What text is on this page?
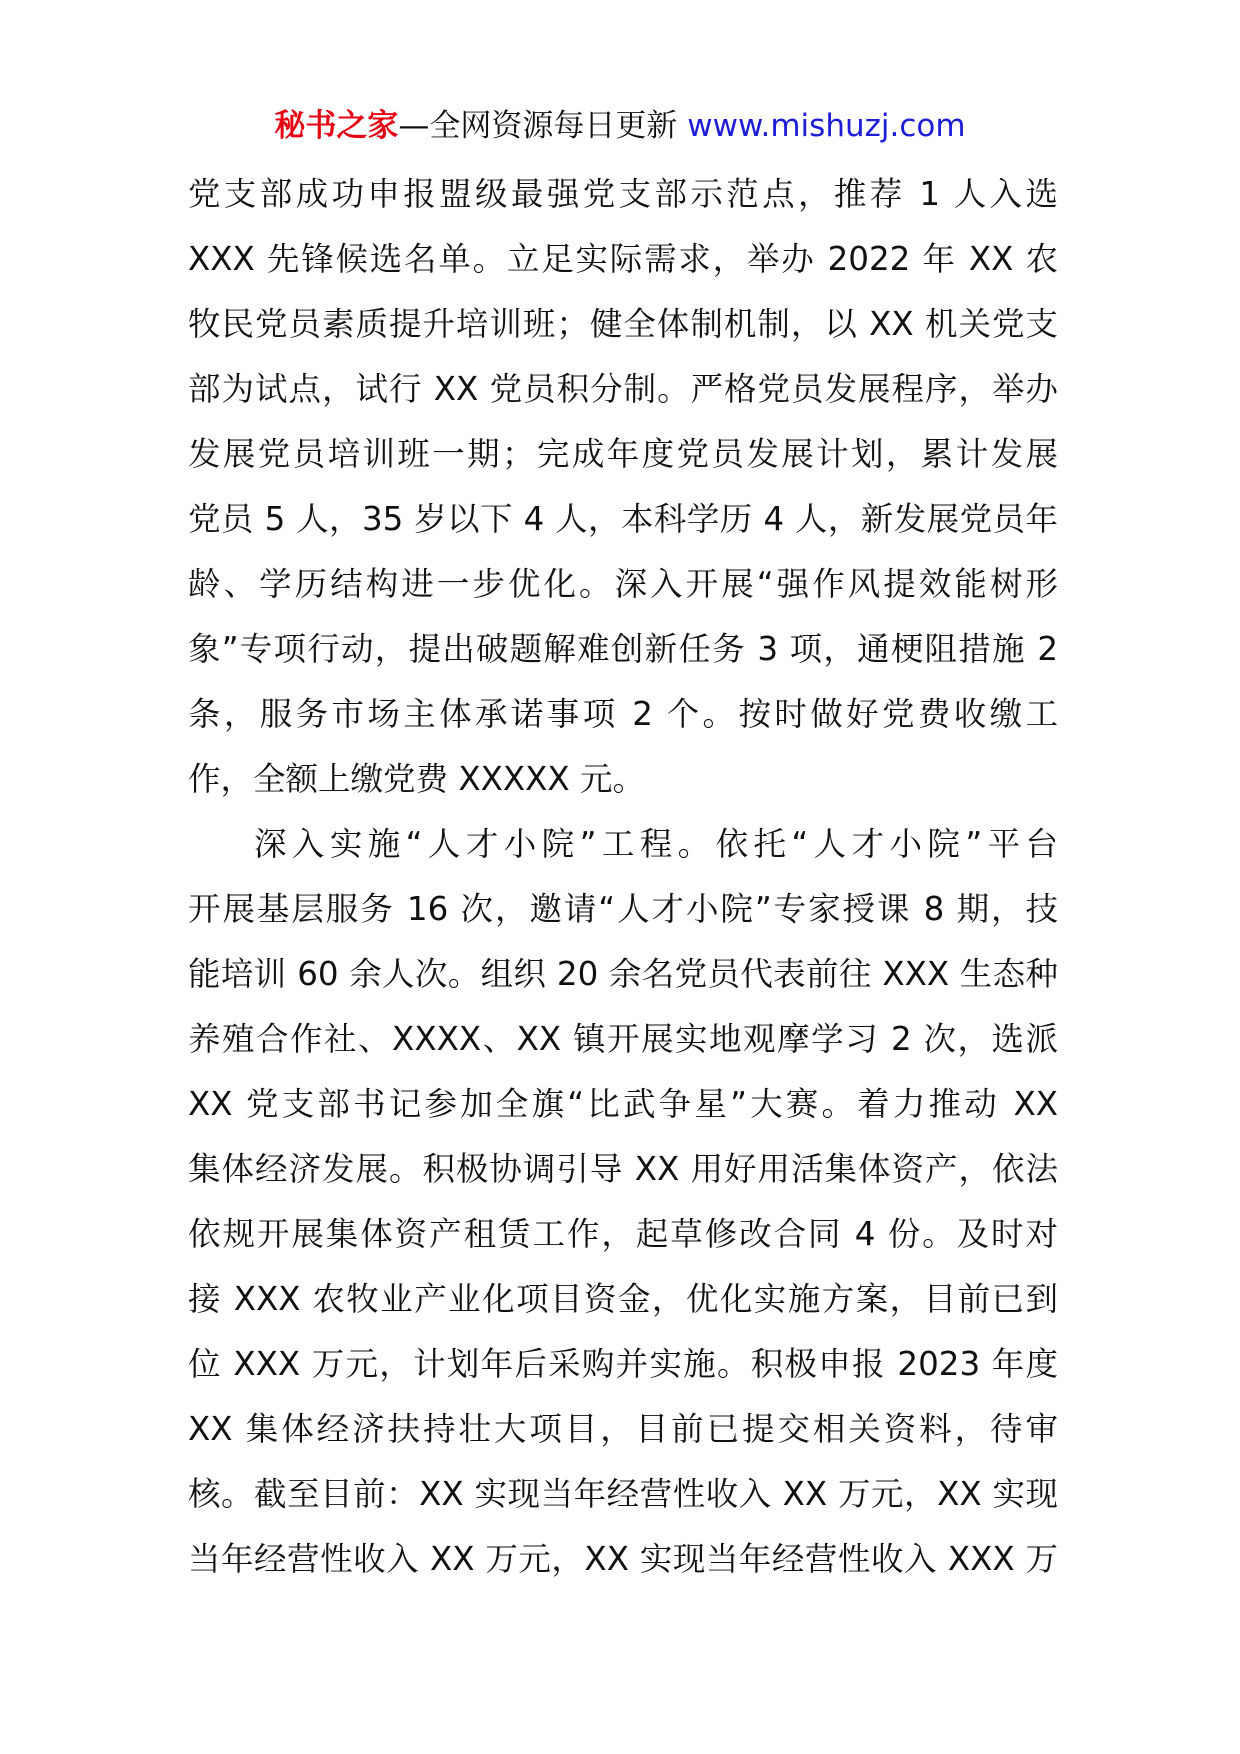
秘书之家—全网资源每日更新 www.mishuzj.com
党支部成功申报盟级最强党支部示范点，推荐 1 人入选
XXX 先锋候选名单。立足实际需求，举办 2022 年 XX 农
牧民党员素质提升培训班；健全体制机制，以 XX 机关党支
部为试点，试行 XX 党员积分制。严格党员发展程序，举办
发展党员培训班一期；完成年度党员发展计划，累计发展
党员 5 人，35 岁以下 4 人，本科学历 4 人，新发展党员年
龄、学历结构进一步优化。深入开展“强作风提效能树形
象”专项行动，提出破题解难创新任务 3 项，通梗阻措施 2
条，服务市场主体承诺事项 2 个。按时做好党费收缴工
作，全额上缴党费 XXXXX 元。
深入实施“人才小院”工程。依托“人才小院”平台
开展基层服务 16 次，邀请“人才小院”专家授课 8 期，技
能培训 60 余人次。组织 20 余名党员代表前往 XXX 生态种
养殖合作社、XXXX、XX 镇开展实地观摩学习 2 次，选派
XX 党支部书记参加全旗“比武争星”大赛。着力推动 XX
集体经济发展。积极协调引导 XX 用好用活集体资产，依法
依规开展集体资产租赁工作，起草修改合同 4 份。及时对
接 XXX 农牧业产业化项目资金，优化实施方案，目前已到
位 XXX 万元，计划年后采购并实施。积极申报 2023 年度
XX 集体经济扶持壮大项目，目前已提交相关资料，待审
核。截至目前：XX 实现当年经营性收入 XX 万元，XX 实现
当年经营性收入 XX 万元，XX 实现当年经营性收入 XXX 万
